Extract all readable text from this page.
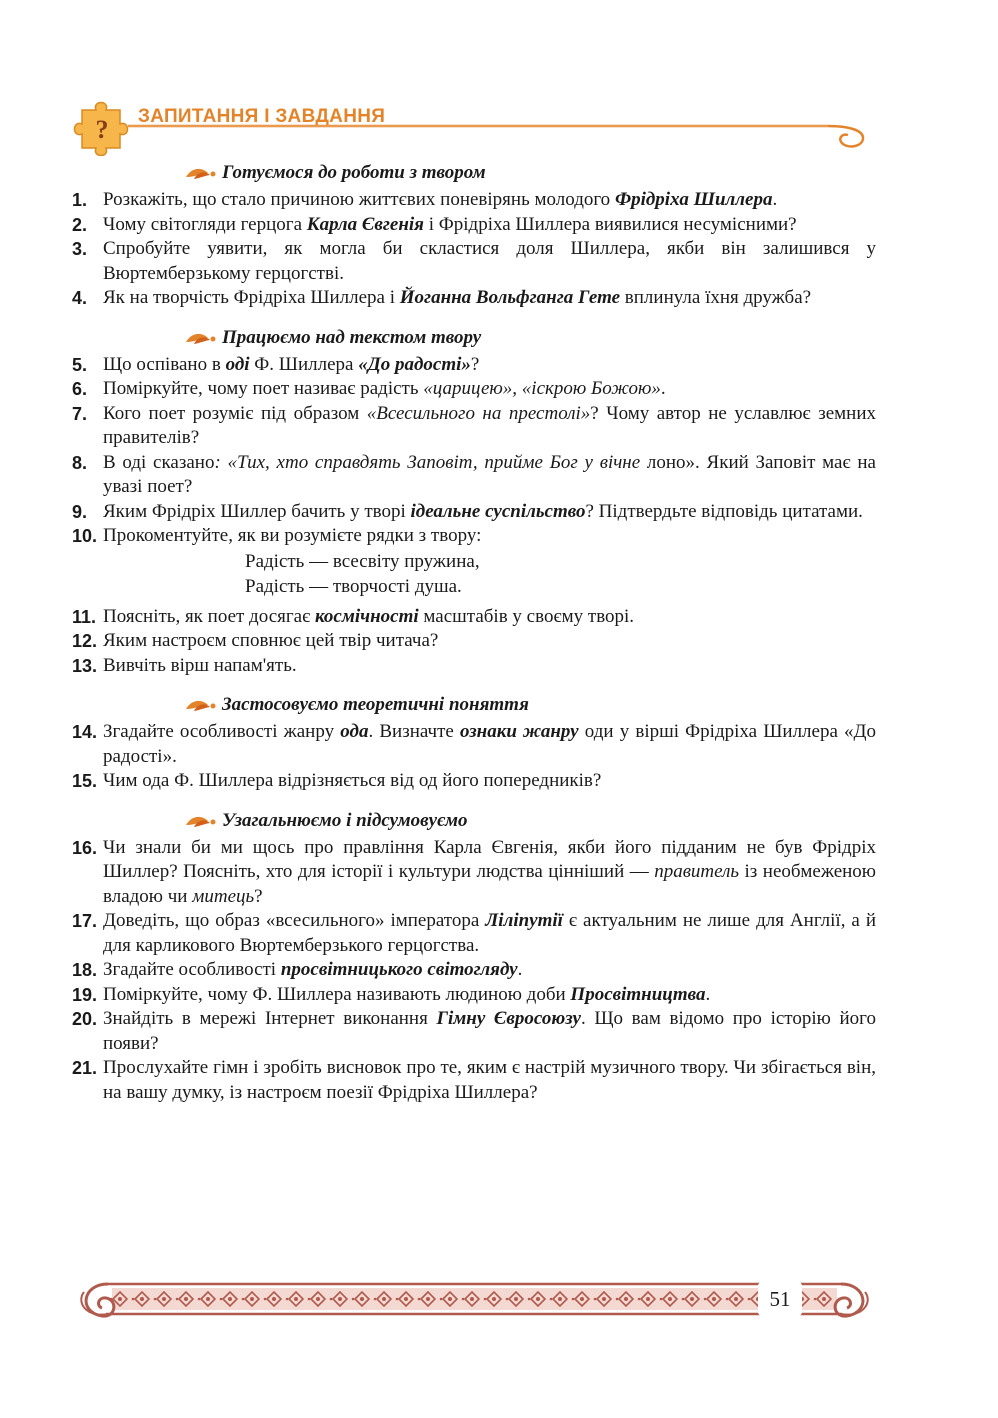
? ЗАПИТАННЯ І ЗАВДАННЯ
Готуємося до роботи з твором
1. Розкажіть, що стало причиною життєвих поневірянь молодого Фрідріха Шиллера.
2. Чому світогляди герцога Карла Євгенія і Фрідріха Шиллера виявилися несумісними?
3. Спробуйте уявити, як могла би скластися доля Шиллера, якби він залишився у Вюртемберзькому герцогстві.
4. Як на творчість Фрідріха Шиллера і Йоганна Вольфганга Гете вплинула їхня дружба?
Працюємо над текстом твору
5. Що оспівано в оді Ф. Шиллера «До радості»?
6. Поміркуйте, чому поет називає радість «царицею», «іскрою Божою».
7. Кого поет розуміє під образом «Всесильного на престолі»? Чому автор не уславлює земних правителів?
8. В оді сказано: «Тих, хто справдять Заповіт, прийме Бог у вічне лоно». Який Заповіт має на увазі поет?
9. Яким Фрідріх Шиллер бачить у творі ідеальне суспільство? Підтвердьте відповідь цитатами.
10. Прокоментуйте, як ви розумієте рядки з твору:
Радість — всесвіту пружина,
Радість — творчості душа.
11. Поясніть, як поет досягає космічності масштабів у своєму творі.
12. Яким настроєм сповнює цей твір читача?
13. Вивчіть вірш напам'ять.
Застосовуємо теоретичні поняття
14. Згадайте особливості жанру ода. Визначте ознаки жанру оди у вірші Фрідріха Шиллера «До радості».
15. Чим ода Ф. Шиллера відрізняється від од його попередників?
Узагальнюємо і підсумовуємо
16. Чи знали би ми щось про правління Карла Євгенія, якби його підданим не був Фрідріх Шиллер? Поясніть, хто для історії і культури людства цінніший — правитель із необмеженою владою чи митець?
17. Доведіть, що образ «всесильного» імператора Ліліпутії є актуальним не лише для Англії, а й для карликового Вюртемберзького герцогства.
18. Згадайте особливості просвітницького світогляду.
19. Поміркуйте, чому Ф. Шиллера називають людиною доби Просвітництва.
20. Знайдіть в мережі Інтернет виконання Гімну Євросоюзу. Що вам відомо про історію його появи?
21. Прослухайте гімн і зробіть висновок про те, яким є настрій музичного твору. Чи збігається він, на вашу думку, із настроєм поезії Фрідріха Шиллера?
51
